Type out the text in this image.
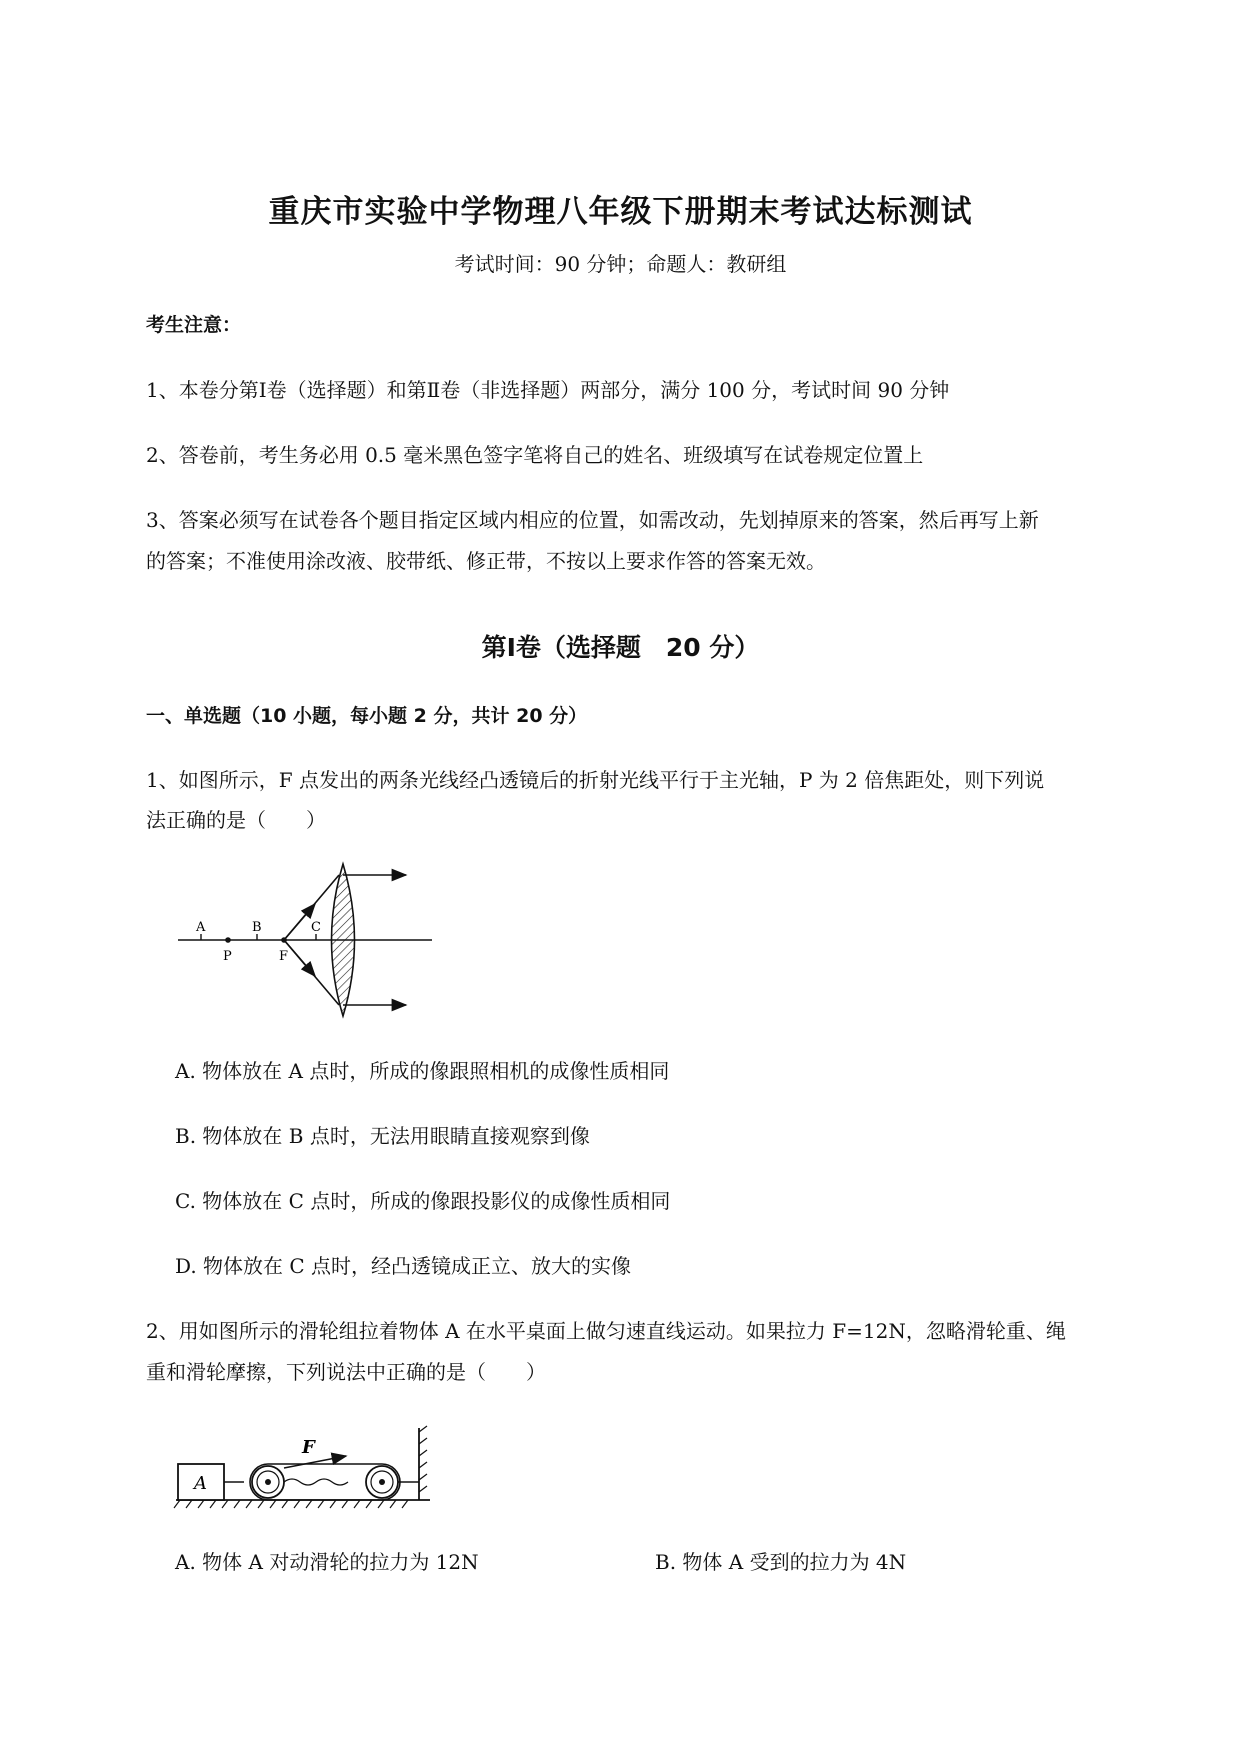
重庆市实验中学物理八年级下册期末考试达标测试
考试时间：90 分钟；命题人：教研组
考生注意：
1、本卷分第Ⅰ卷（选择题）和第Ⅱ卷（非选择题）两部分，满分 100 分，考试时间 90 分钟
2、答卷前，考生务必用 0.5 毫米黑色签字笔将自己的姓名、班级填写在试卷规定位置上
3、答案必须写在试卷各个题目指定区域内相应的位置，如需改动，先划掉原来的答案，然后再写上新
的答案；不准使用涂改液、胶带纸、修正带，不按以上要求作答的答案无效。
第Ⅰ卷（选择题　20 分）
一、单选题（10 小题，每小题 2 分，共计 20 分）
1、如图所示，F 点发出的两条光线经凸透镜后的折射光线平行于主光轴，P 为 2 倍焦距处，则下列说
法正确的是（　　）
A	B	C
P	F
A. 物体放在 A 点时，所成的像跟照相机的成像性质相同
B. 物体放在 B 点时，无法用眼睛直接观察到像
C. 物体放在 C 点时，所成的像跟投影仪的成像性质相同
D. 物体放在 C 点时，经凸透镜成正立、放大的实像
2、用如图所示的滑轮组拉着物体 A 在水平桌面上做匀速直线运动。如果拉力 F=12N，忽略滑轮重、绳
重和滑轮摩擦，下列说法中正确的是（　　）
A
F
A. 物体 A 对动滑轮的拉力为 12N	B. 物体 A 受到的拉力为 4N
